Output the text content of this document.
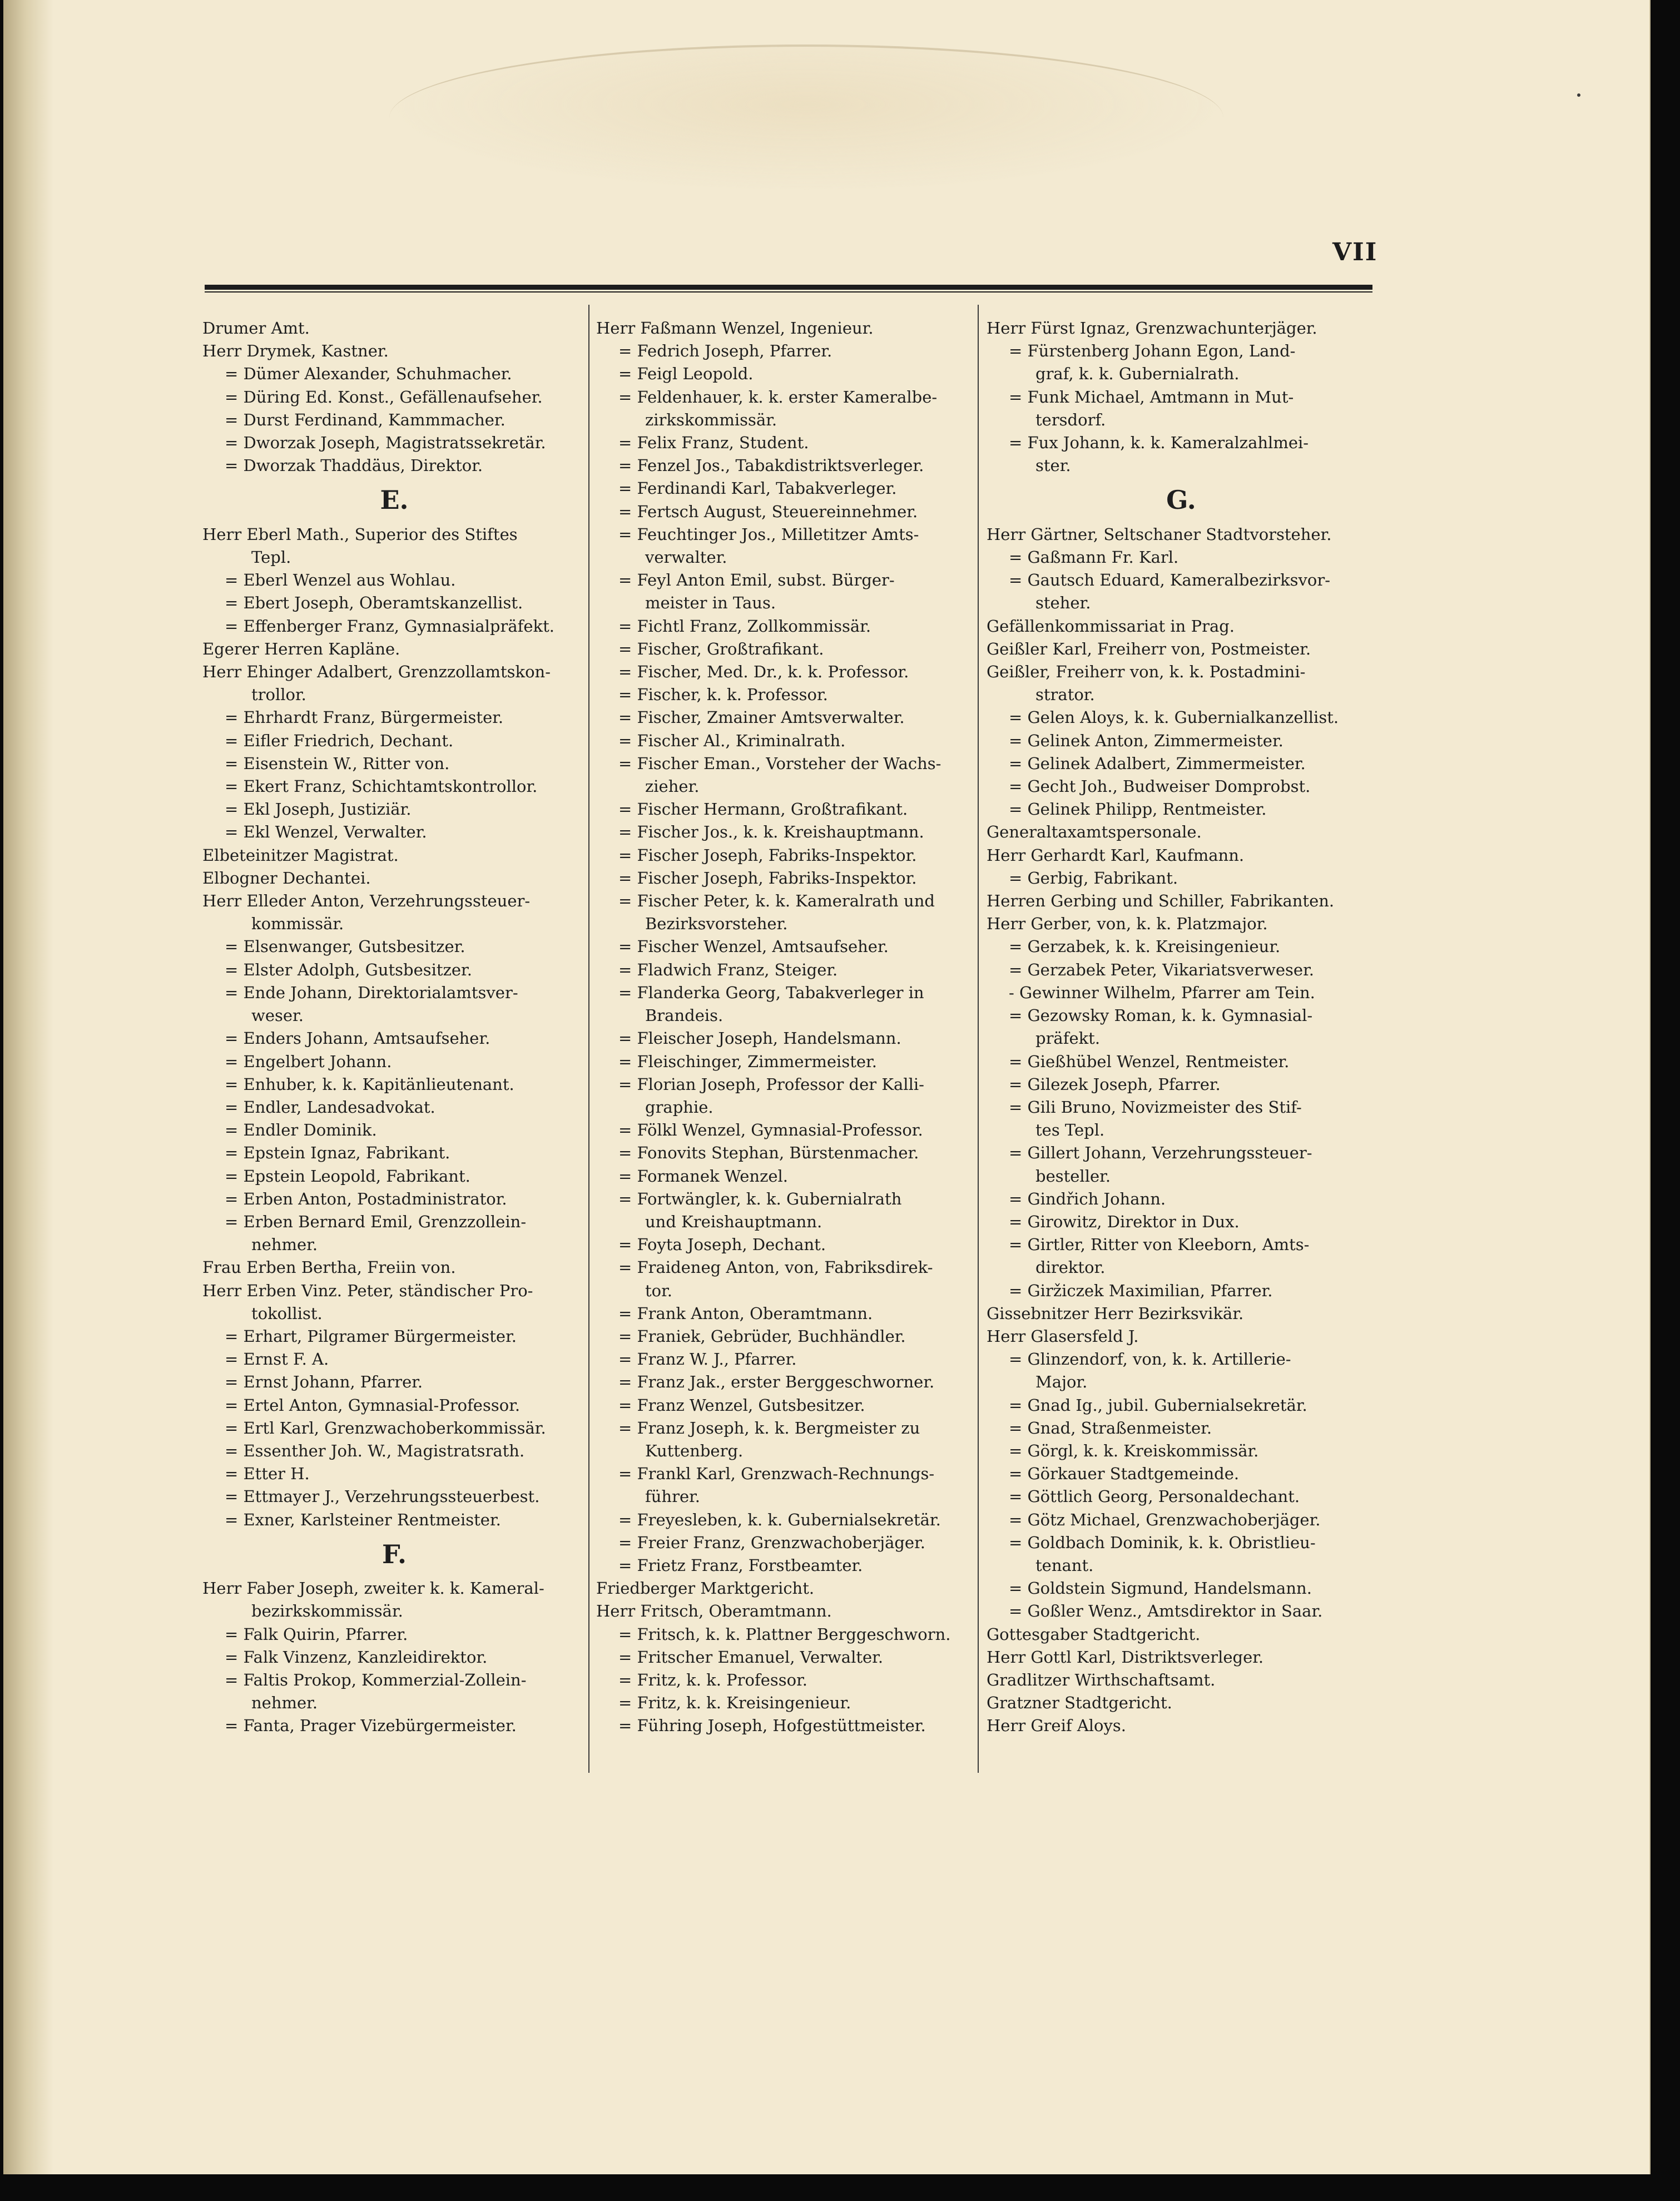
VII
Drumer Amt.
Herr Drymek, Kastner.
= Dümer Alexander, Schuhmacher.
= Düring Ed. Konst., Gefällenaufseher.
= Durst Ferdinand, Kammmacher.
= Dworzak Joseph, Magistratssekretär.
= Dworzak Thaddäus, Direktor.
E.
Herr Eberl Math., Superior des Stiftes
Tepl.
= Eberl Wenzel aus Wohlau.
= Ebert Joseph, Oberamtskanzellist.
= Effenberger Franz, Gymnasialpräfekt.
Egerer Herren Kapläne.
Herr Ehinger Adalbert, Grenzzollamtskon-
trollor.
= Ehrhardt Franz, Bürgermeister.
= Eifler Friedrich, Dechant.
= Eisenstein W., Ritter von.
= Ekert Franz, Schichtamtskontrollor.
= Ekl Joseph, Justiziär.
= Ekl Wenzel, Verwalter.
Elbeteinitzer Magistrat.
Elbogner Dechantei.
Herr Elleder Anton, Verzehrungssteuer-
kommissär.
= Elsenwanger, Gutsbesitzer.
= Elster Adolph, Gutsbesitzer.
= Ende Johann, Direktorialamtsver-
weser.
= Enders Johann, Amtsaufseher.
= Engelbert Johann.
= Enhuber, k. k. Kapitänlieutenant.
= Endler, Landesadvokat.
= Endler Dominik.
= Epstein Ignaz, Fabrikant.
= Epstein Leopold, Fabrikant.
= Erben Anton, Postadministrator.
= Erben Bernard Emil, Grenzzollein-
nehmer.
Frau Erben Bertha, Freiin von.
Herr Erben Vinz. Peter, ständischer Pro-
tokollist.
= Erhart, Pilgramer Bürgermeister.
= Ernst F. A.
= Ernst Johann, Pfarrer.
= Ertel Anton, Gymnasial-Professor.
= Ertl Karl, Grenzwachoberkommissär.
= Essenther Joh. W., Magistratsrath.
= Etter H.
= Ettmayer J., Verzehrungssteuerbest.
= Exner, Karlsteiner Rentmeister.
F.
Herr Faber Joseph, zweiter k. k. Kameral-
bezirkskommissär.
= Falk Quirin, Pfarrer.
= Falk Vinzenz, Kanzleidirektor.
= Faltis Prokop, Kommerzial-Zollein-
nehmer.
= Fanta, Prager Vizebürgermeister.
Herr Faßmann Wenzel, Ingenieur.
= Fedrich Joseph, Pfarrer.
= Feigl Leopold.
= Feldenhauer, k. k. erster Kameralbe-
zirkskommissär.
= Felix Franz, Student.
= Fenzel Jos., Tabakdistriktsverleger.
= Ferdinandi Karl, Tabakverleger.
= Fertsch August, Steuereinnehmer.
= Feuchtinger Jos., Milletitzer Amts-
verwalter.
= Feyl Anton Emil, subst. Bürger-
meister in Taus.
= Fichtl Franz, Zollkommissär.
= Fischer, Großtrafikant.
= Fischer, Med. Dr., k. k. Professor.
= Fischer, k. k. Professor.
= Fischer, Zmainer Amtsverwalter.
= Fischer Al., Kriminalrath.
= Fischer Eman., Vorsteher der Wachs-
zieher.
= Fischer Hermann, Großtrafikant.
= Fischer Jos., k. k. Kreishauptmann.
= Fischer Joseph, Fabriks-Inspektor.
= Fischer Joseph, Fabriks-Inspektor.
= Fischer Peter, k. k. Kameralrath und
Bezirksvorsteher.
= Fischer Wenzel, Amtsaufseher.
= Fladwich Franz, Steiger.
= Flanderka Georg, Tabakverleger in
Brandeis.
= Fleischer Joseph, Handelsmann.
= Fleischinger, Zimmermeister.
= Florian Joseph, Professor der Kalli-
graphie.
= Fölkl Wenzel, Gymnasial-Professor.
= Fonovits Stephan, Bürstenmacher.
= Formanek Wenzel.
= Fortwängler, k. k. Gubernialrath
und Kreishauptmann.
= Foyta Joseph, Dechant.
= Fraideneg Anton, von, Fabriksdirek-
tor.
= Frank Anton, Oberamtmann.
= Franiek, Gebrüder, Buchhändler.
= Franz W. J., Pfarrer.
= Franz Jak., erster Berggeschworner.
= Franz Wenzel, Gutsbesitzer.
= Franz Joseph, k. k. Bergmeister zu
Kuttenberg.
= Frankl Karl, Grenzwach-Rechnungs-
führer.
= Freyesleben, k. k. Gubernialsekretär.
= Freier Franz, Grenzwachoberjäger.
= Frietz Franz, Forstbeamter.
Friedberger Marktgericht.
Herr Fritsch, Oberamtmann.
= Fritsch, k. k. Plattner Berggeschworn.
= Fritscher Emanuel, Verwalter.
= Fritz, k. k. Professor.
= Fritz, k. k. Kreisingenieur.
= Führing Joseph, Hofgestüttmeister.
Herr Fürst Ignaz, Grenzwachunterjäger.
= Fürstenberg Johann Egon, Land-
graf, k. k. Gubernialrath.
= Funk Michael, Amtmann in Mut-
tersdorf.
= Fux Johann, k. k. Kameralzahlmei-
ster.
G.
Herr Gärtner, Seltschaner Stadtvorsteher.
= Gaßmann Fr. Karl.
= Gautsch Eduard, Kameralbezirksvor-
steher.
Gefällenkommissariat in Prag.
Geißler Karl, Freiherr von, Postmeister.
Geißler, Freiherr von, k. k. Postadmini-
strator.
= Gelen Aloys, k. k. Gubernialkanzellist.
= Gelinek Anton, Zimmermeister.
= Gelinek Adalbert, Zimmermeister.
= Gecht Joh., Budweiser Domprobst.
= Gelinek Philipp, Rentmeister.
Generaltaxamtspersonale.
Herr Gerhardt Karl, Kaufmann.
= Gerbig, Fabrikant.
Herren Gerbing und Schiller, Fabrikanten.
Herr Gerber, von, k. k. Platzmajor.
= Gerzabek, k. k. Kreisingenieur.
= Gerzabek Peter, Vikariatsverweser.
- Gewinner Wilhelm, Pfarrer am Tein.
= Gezowsky Roman, k. k. Gymnasial-
präfekt.
= Gießhübel Wenzel, Rentmeister.
= Gilezek Joseph, Pfarrer.
= Gili Bruno, Novizmeister des Stif-
tes Tepl.
= Gillert Johann, Verzehrungssteuer-
besteller.
= Gindřich Johann.
= Girowitz, Direktor in Dux.
= Girtler, Ritter von Kleeborn, Amts-
direktor.
= Giržiczek Maximilian, Pfarrer.
Gissebnitzer Herr Bezirksvikär.
Herr Glasersfeld J.
= Glinzendorf, von, k. k. Artillerie-
Major.
= Gnad Ig., jubil. Gubernialsekretär.
= Gnad, Straßenmeister.
= Görgl, k. k. Kreiskommissär.
= Görkauer Stadtgemeinde.
= Göttlich Georg, Personaldechant.
= Götz Michael, Grenzwachoberjäger.
= Goldbach Dominik, k. k. Obristlieu-
tenant.
= Goldstein Sigmund, Handelsmann.
= Goßler Wenz., Amtsdirektor in Saar.
Gottesgaber Stadtgericht.
Herr Gottl Karl, Distriktsverleger.
Gradlitzer Wirthschaftsamt.
Gratzner Stadtgericht.
Herr Greif Aloys.
